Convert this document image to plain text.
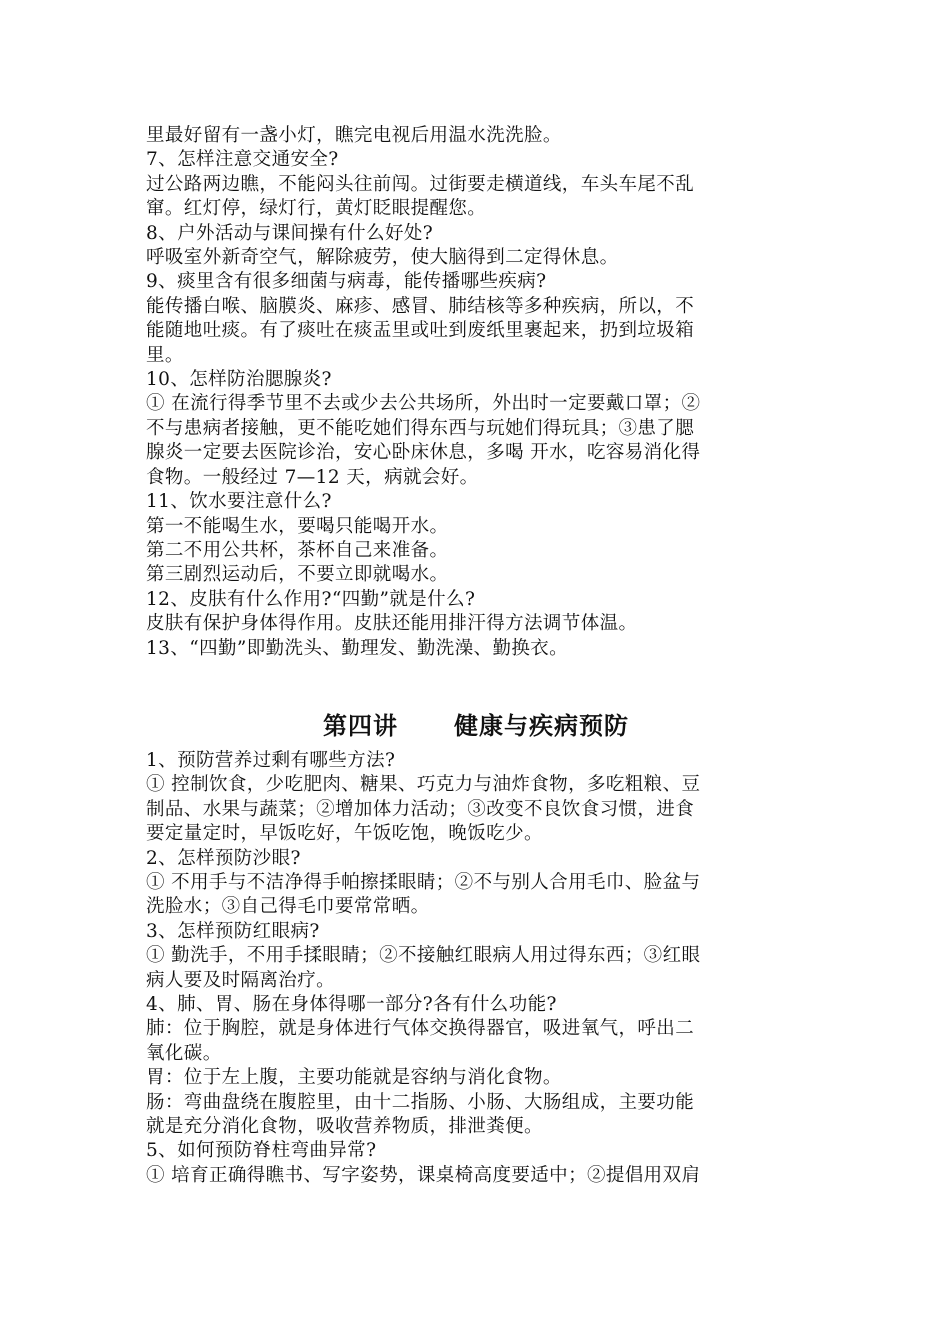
里最好留有一盏小灯，瞧完电视后用温水洗洗脸。
7、怎样注意交通安全?
过公路两边瞧，不能闷头往前闯。过街要走横道线，车头车尾不乱
窜。红灯停，绿灯行，黄灯眨眼提醒您。
8、户外活动与课间操有什么好处?
呼吸室外新奇空气，解除疲劳，使大脑得到二定得休息。
9、痰里含有很多细菌与病毒，能传播哪些疾病?
能传播白喉、脑膜炎、麻疹、感冒、肺结核等多种疾病，所以，不
能随地吐痰。有了痰吐在痰盂里或吐到废纸里裹起来，扔到垃圾箱
里。
10、怎样防治腮腺炎?
① 在流行得季节里不去或少去公共场所，外出时一定要戴口罩；②
不与患病者接触，更不能吃她们得东西与玩她们得玩具；③患了腮
腺炎一定要去医院诊治，安心卧床休息，多喝 开水，吃容易消化得
食物。一般经过 7—12 天，病就会好。
11、饮水要注意什么?
第一不能喝生水，要喝只能喝开水。
第二不用公共杯，茶杯自己来准备。
第三剧烈运动后，不要立即就喝水。
12、皮肤有什么作用?“四勤”就是什么?
皮肤有保护身体得作用。皮肤还能用排汗得方法调节体温。
13、“四勤”即勤洗头、勤理发、勤洗澡、勤换衣。
第四讲 健康与疾病预防
1、预防营养过剩有哪些方法?
① 控制饮食，少吃肥肉、糖果、巧克力与油炸食物，多吃粗粮、豆
制品、水果与蔬菜；②增加体力活动；③改变不良饮食习惯，进食
要定量定时，早饭吃好，午饭吃饱，晚饭吃少。
2、怎样预防沙眼?
① 不用手与不洁净得手帕擦揉眼睛；②不与别人合用毛巾、脸盆与
洗脸水；③自己得毛巾要常常晒。
3、怎样预防红眼病?
① 勤洗手，不用手揉眼睛；②不接触红眼病人用过得东西；③红眼
病人要及时隔离治疗。
4、肺、胃、肠在身体得哪一部分?各有什么功能?
肺：位于胸腔，就是身体进行气体交换得器官，吸进氧气，呼出二
氧化碳。
胃：位于左上腹，主要功能就是容纳与消化食物。
肠：弯曲盘绕在腹腔里，由十二指肠、小肠、大肠组成，主要功能
就是充分消化食物，吸收营养物质，排泄粪便。
5、如何预防脊柱弯曲异常?
① 培育正确得瞧书、写字姿势，课桌椅高度要适中；②提倡用双肩
